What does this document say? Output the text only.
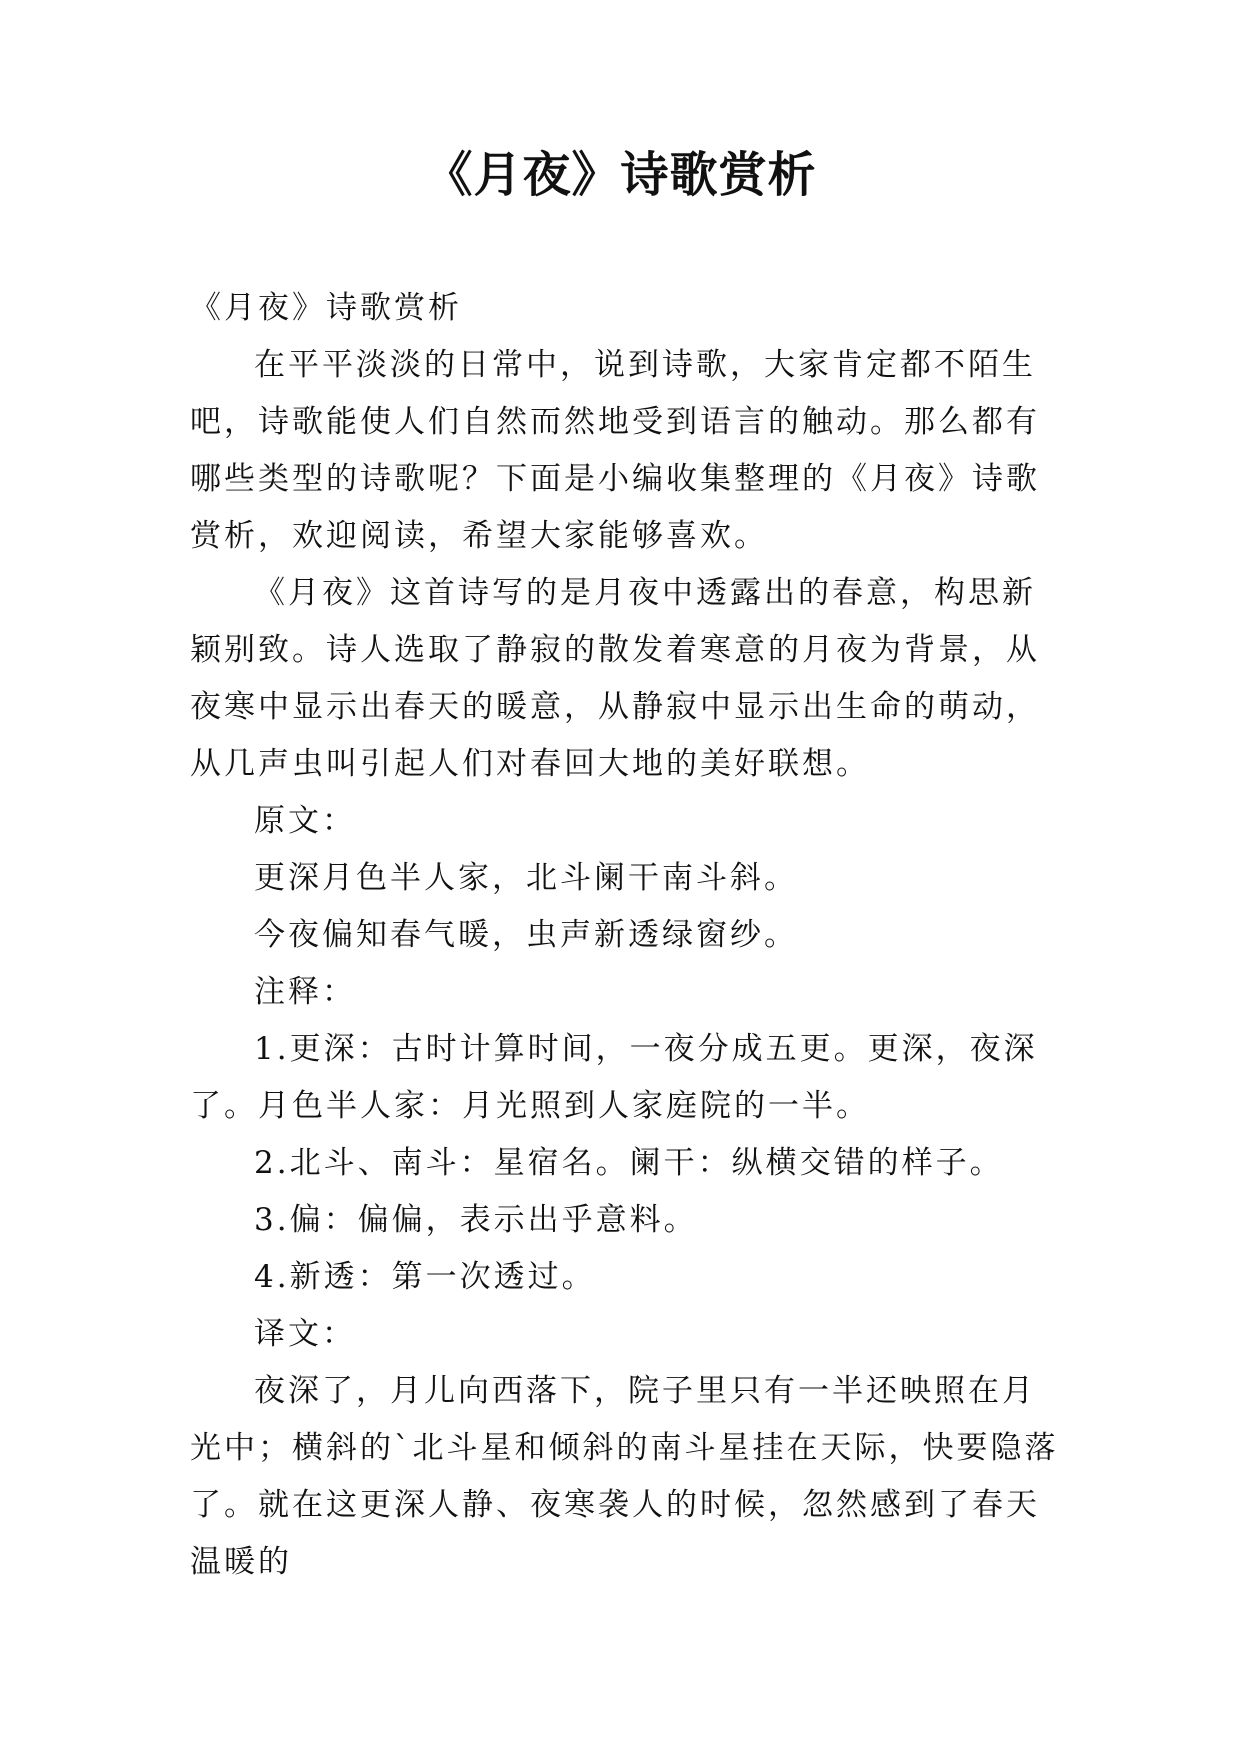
《月夜》诗歌赏析

《月夜》诗歌赏析

在平平淡淡的日常中，说到诗歌，大家肯定都不陌生吧，诗歌能使人们自然而然地受到语言的触动。那么都有哪些类型的诗歌呢？下面是小编收集整理的《月夜》诗歌赏析，欢迎阅读，希望大家能够喜欢。

《月夜》这首诗写的是月夜中透露出的春意，构思新颖别致。诗人选取了静寂的散发着寒意的月夜为背景，从夜寒中显示出春天的暖意，从静寂中显示出生命的萌动，从几声虫叫引起人们对春回大地的美好联想。

原文：

更深月色半人家，北斗阑干南斗斜。

今夜偏知春气暖，虫声新透绿窗纱。

注释：

1.更深：古时计算时间，一夜分成五更。更深，夜深了。月色半人家：月光照到人家庭院的一半。

2.北斗、南斗：星宿名。阑干：纵横交错的样子。

3.偏：偏偏，表示出乎意料。

4.新透：第一次透过。

译文：

夜深了，月儿向西落下，院子里只有一半还映照在月光中；横斜的`北斗星和倾斜的南斗星挂在天际，快要隐落了。就在这更深人静、夜寒袭人的时候，忽然感到了春天温暖的
